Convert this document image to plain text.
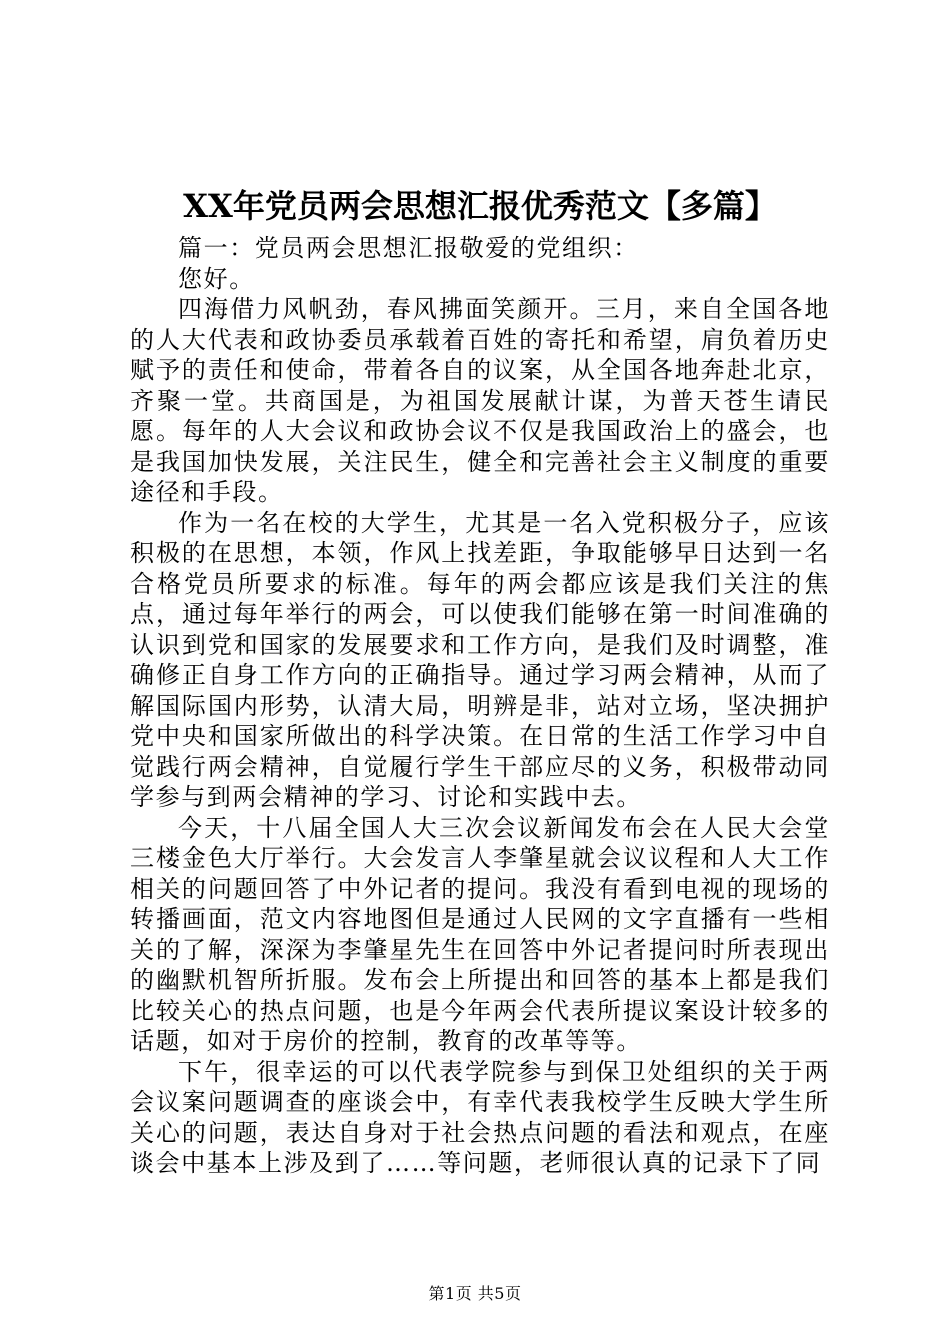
XX年党员两会思想汇报优秀范文【多篇】

篇一：党员两会思想汇报敬爱的党组织：

您好。

四海借力风帆劲，春风拂面笑颜开。三月，来自全国各地的人大代表和政协委员承载着百姓的寄托和希望，肩负着历史赋予的责任和使命，带着各自的议案，从全国各地奔赴北京，齐聚一堂。共商国是，为祖国发展献计谋，为普天苍生请民愿。每年的人大会议和政协会议不仅是我国政治上的盛会，也是我国加快发展，关注民生，健全和完善社会主义制度的重要途径和手段。

作为一名在校的大学生，尤其是一名入党积极分子，应该积极的在思想，本领，作风上找差距，争取能够早日达到一名合格党员所要求的标准。每年的两会都应该是我们关注的焦点，通过每年举行的两会，可以使我们能够在第一时间准确的认识到党和国家的发展要求和工作方向，是我们及时调整，准确修正自身工作方向的正确指导。通过学习两会精神，从而了解国际国内形势，认清大局，明辨是非，站对立场，坚决拥护党中央和国家所做出的科学决策。在日常的生活工作学习中自觉践行两会精神，自觉履行学生干部应尽的义务，积极带动同学参与到两会精神的学习、讨论和实践中去。

今天，十八届全国人大三次会议新闻发布会在人民大会堂三楼金色大厅举行。大会发言人李肇星就会议议程和人大工作相关的问题回答了中外记者的提问。我没有看到电视的现场的转播画面，范文内容地图但是通过人民网的文字直播有一些相关的了解，深深为李肇星先生在回答中外记者提问时所表现出的幽默机智所折服。发布会上所提出和回答的基本上都是我们比较关心的热点问题，也是今年两会代表所提议案设计较多的话题，如对于房价的控制，教育的改革等等。

下午，很幸运的可以代表学院参与到保卫处组织的关于两会议案问题调查的座谈会中，有幸代表我校学生反映大学生所关心的问题，表达自身对于社会热点问题的看法和观点，在座谈会中基本上涉及到了……等问题，老师很认真的记录下了同

第1页 共5页
